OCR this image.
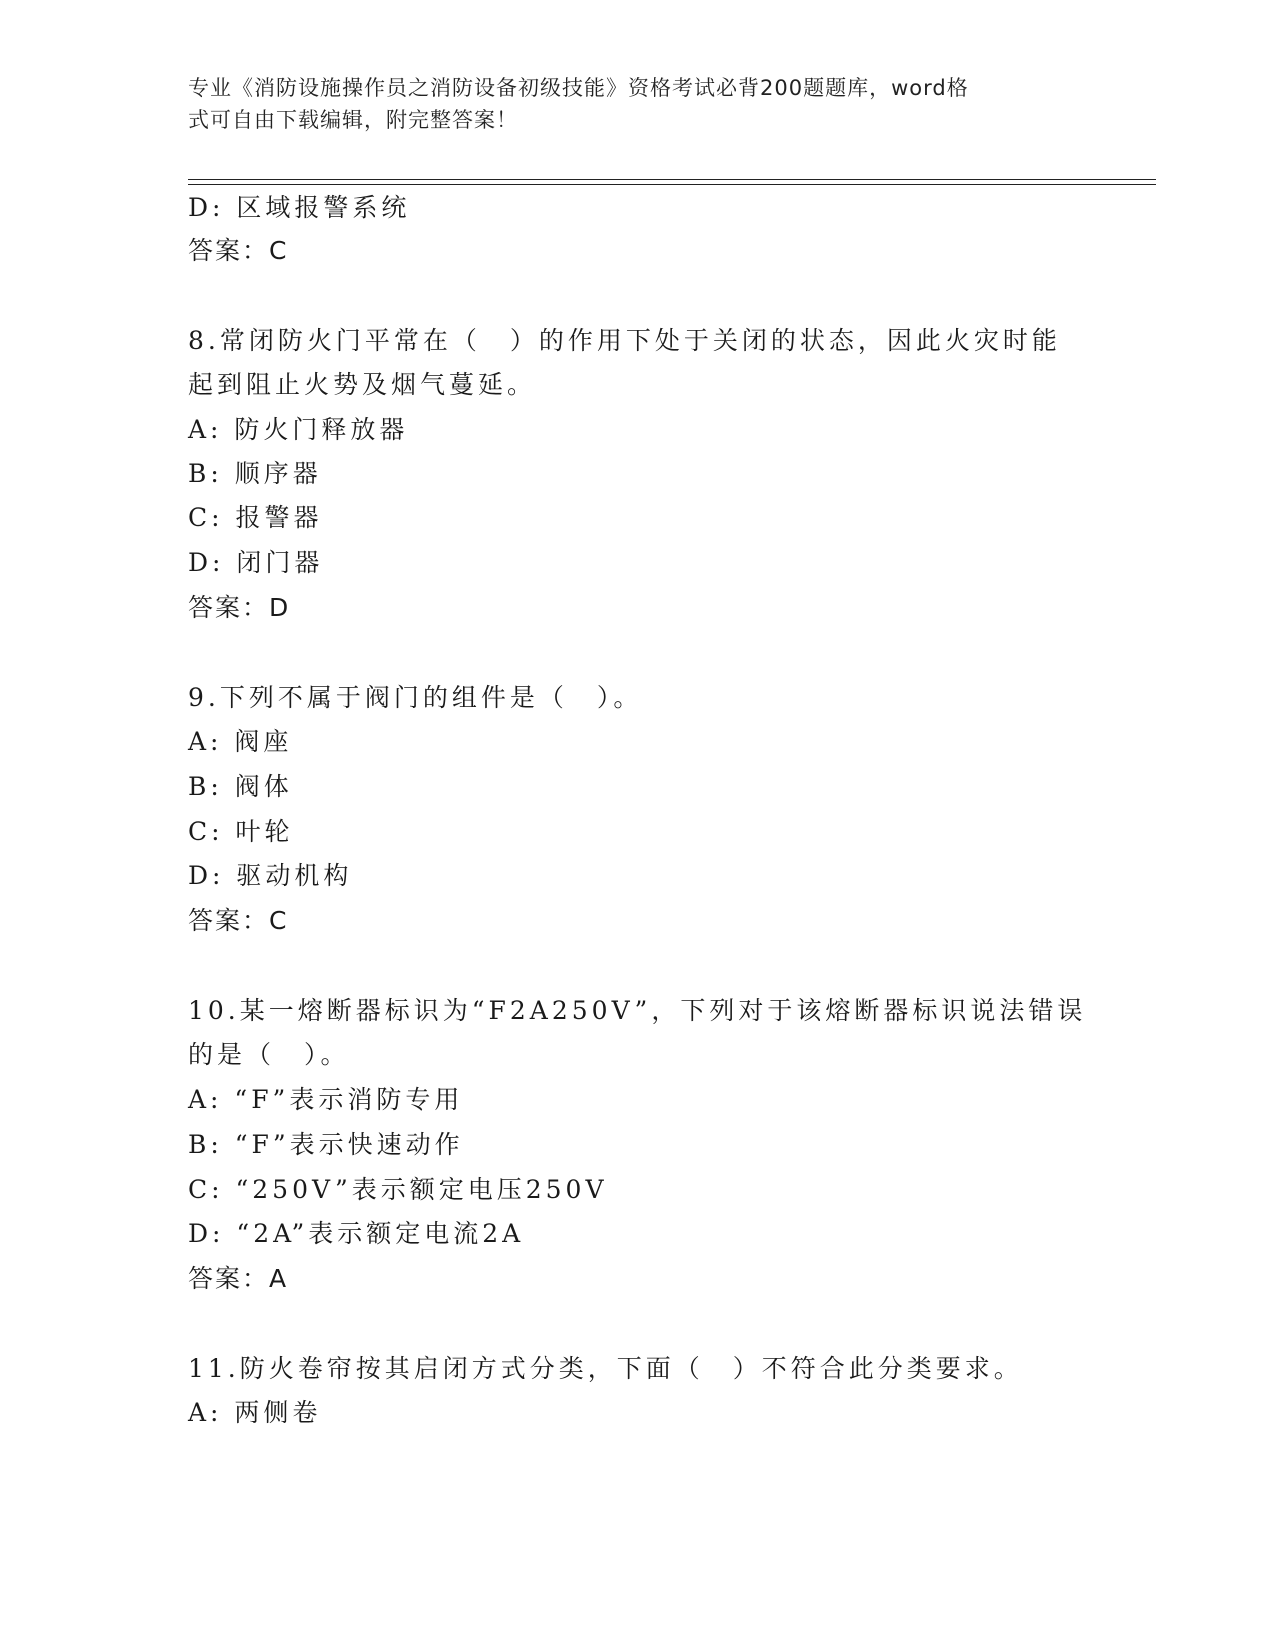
专业《消防设施操作员之消防设备初级技能》资格考试必背200题题库，word格
式可自由下载编辑，附完整答案！
D: 区域报警系统
答案：C
8.常闭防火门平常在（　）的作用下处于关闭的状态，因此火灾时能
起到阻止火势及烟气蔓延。
A: 防火门释放器
B: 顺序器
C: 报警器
D: 闭门器
答案：D
9.下列不属于阀门的组件是（　）。
A: 阀座
B: 阀体
C: 叶轮
D: 驱动机构
答案：C
10.某一熔断器标识为“F2A250V”，下列对于该熔断器标识说法错误
的是（　）。
A: “F”表示消防专用
B: “F”表示快速动作
C: “250V”表示额定电压250V
D: “2A”表示额定电流2A
答案：A
11.防火卷帘按其启闭方式分类，下面（　）不符合此分类要求。
A: 两侧卷
